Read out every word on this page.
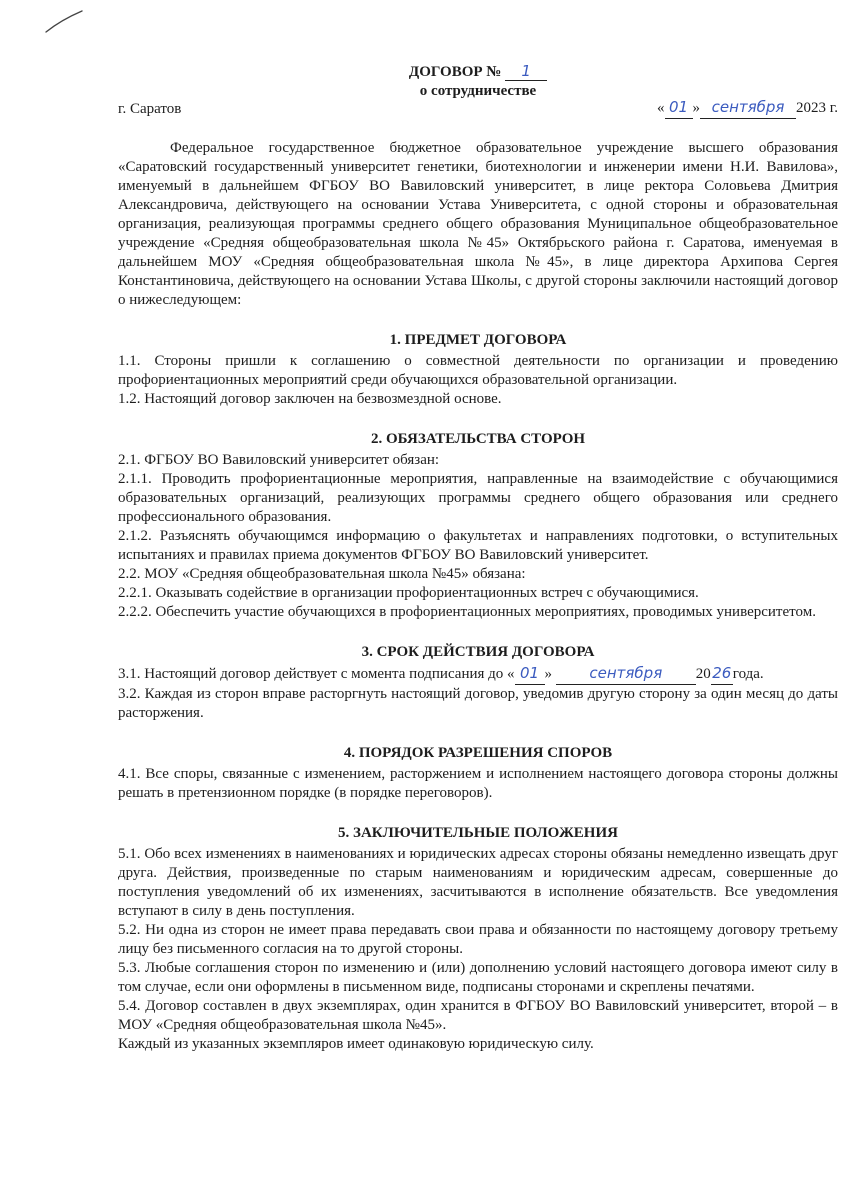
ДОГОВОР № 1
о сотрудничестве
г. Саратов	« 01 » сентября 2023 г.

Федеральное государственное бюджетное образовательное учреждение высшего образования «Саратовский государственный университет генетики, биотехнологии и инженерии имени Н.И. Вавилова», именуемый в дальнейшем ФГБОУ ВО Вавиловский университет, в лице ректора Соловьева Дмитрия Александровича, действующего на основании Устава Университета, с одной стороны и образовательная организация, реализующая программы среднего общего образования Муниципальное общеобразовательное учреждение «Средняя общеобразовательная школа №45» Октябрьского района г. Саратова, именуемая в дальнейшем МОУ «Средняя общеобразовательная школа №45», в лице директора Архипова Сергея Константиновича, действующего на основании Устава Школы, с другой стороны заключили настоящий договор о нижеследующем:

1. ПРЕДМЕТ ДОГОВОРА

1.1. Стороны пришли к соглашению о совместной деятельности по организации и проведению профориентационных мероприятий среди обучающихся образовательной организации.

1.2. Настоящий договор заключен на безвозмездной основе.

2. ОБЯЗАТЕЛЬСТВА СТОРОН

2.1. ФГБОУ ВО Вавиловский университет обязан:

2.1.1. Проводить профориентационные мероприятия, направленные на взаимодействие с обучающимися образовательных организаций, реализующих программы среднего общего образования или среднего профессионального образования.

2.1.2. Разъяснять обучающимся информацию о факультетах и направлениях подготовки, о вступительных испытаниях и правилах приема документов ФГБОУ ВО Вавиловский университет.

2.2. МОУ «Средняя общеобразовательная школа №45» обязана:

2.2.1. Оказывать содействие в организации профориентационных встреч с обучающимися.

2.2.2. Обеспечить участие обучающихся в профориентационных мероприятиях, проводимых университетом.

3. СРОК ДЕЙСТВИЯ ДОГОВОРА

3.1. Настоящий договор действует с момента подписания до « 01 » сентября 2026года.

3.2. Каждая из сторон вправе расторгнуть настоящий договор, уведомив другую сторону за один месяц до даты расторжения.

4. ПОРЯДОК РАЗРЕШЕНИЯ СПОРОВ

4.1. Все споры, связанные с изменением, расторжением и исполнением настоящего договора стороны должны решать в претензионном порядке (в порядке переговоров).

5. ЗАКЛЮЧИТЕЛЬНЫЕ ПОЛОЖЕНИЯ

5.1. Обо всех изменениях в наименованиях и юридических адресах стороны обязаны немедленно извещать друг друга. Действия, произведенные по старым наименованиям и юридическим адресам, совершенные до поступления уведомлений об их изменениях, засчитываются в исполнение обязательств. Все уведомления вступают в силу в день поступления.

5.2. Ни одна из сторон не имеет права передавать свои права и обязанности по настоящему договору третьему лицу без письменного согласия на то другой стороны.

5.3. Любые соглашения сторон по изменению и (или) дополнению условий настоящего договора имеют силу в том случае, если они оформлены в письменном виде, подписаны сторонами и скреплены печатями.

5.4. Договор составлен в двух экземплярах, один хранится в ФГБОУ ВО Вавиловский университет, второй – в МОУ «Средняя общеобразовательная школа №45».

Каждый из указанных экземпляров имеет одинаковую юридическую силу.
